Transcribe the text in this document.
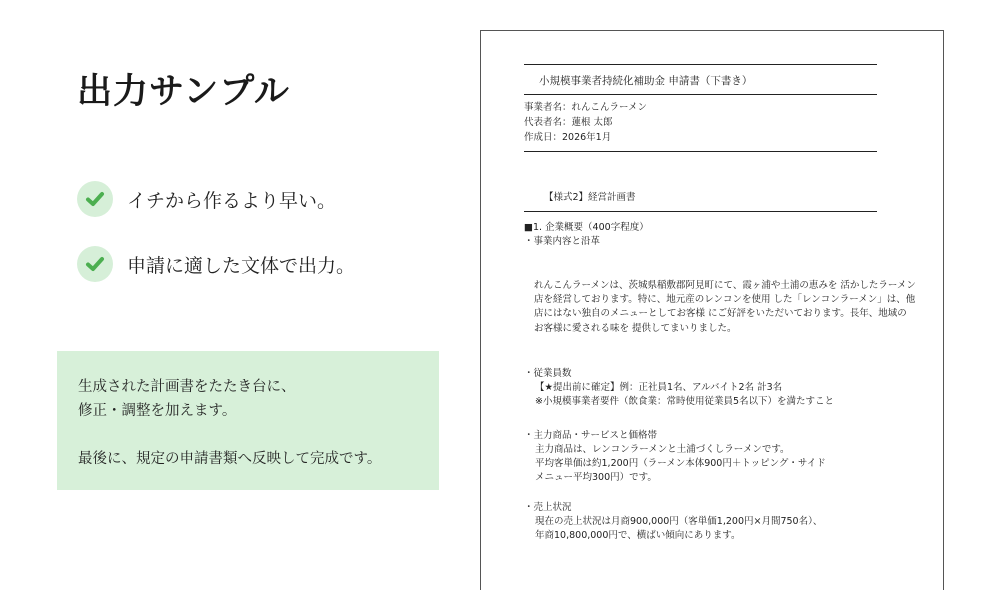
出力サンプル
イチから作るより早い。
申請に適した文体で出力。

生成された計画書をたたき台に、

修正・調整を加えます。

最後に、規定の申請書類へ反映して完成です。

小規模事業者持続化補助金 申請書（下書き）

事業者名：れんこんラーメン

代表者名：蓮根 太郎

作成日：2026年1月

【様式2】経営計画書

■1. 企業概要（400字程度）

・事業内容と沿革

れんこんラーメンは、茨城県稲敷郡阿見町にて、霞ヶ浦や土浦の恵みを 活かしたラーメン店を経営しております。特に、地元産のレンコンを使用 した「レンコンラーメン」は、他店にはない独自のメニューとしてお客様 にご好評をいただいております。長年、地域のお客様に愛される味を 提供してまいりました。

・従業員数
【★提出前に確定】例：正社員1名、アルバイト2名 計3名
※小規模事業者要件（飲食業：常時使用従業員5名以下）を満たすこと
・主力商品・サービスと価格帯
主力商品は、レンコンラーメンと土浦づくしラーメンです。
平均客単価は約1,200円（ラーメン本体900円＋トッピング・サイド
メニュー平均300円）です。
・売上状況
現在の売上状況は月商900,000円（客単価1,200円×月間750名）、
年商10,800,000円で、横ばい傾向にあります。
